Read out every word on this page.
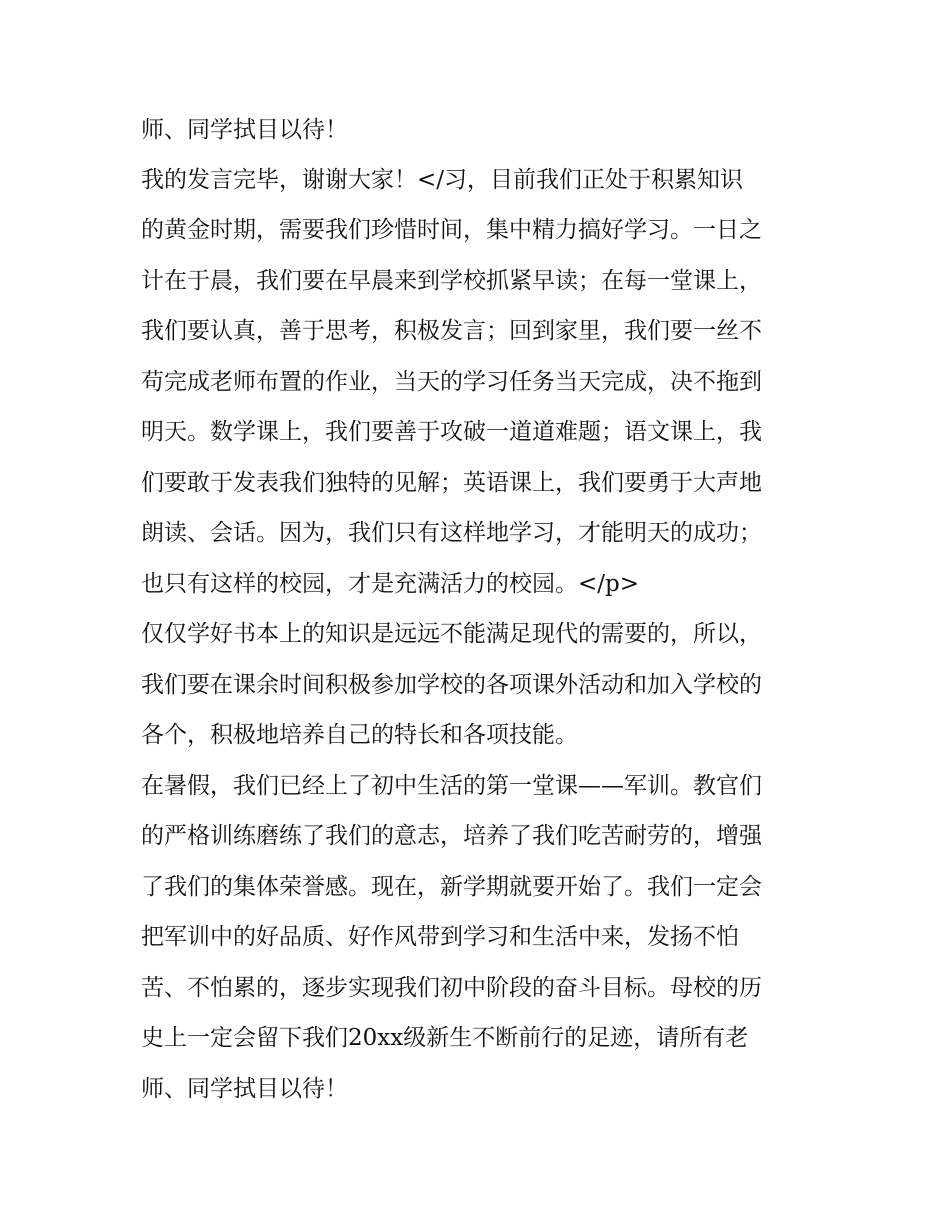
师、同学拭目以待！
我的发言完毕，谢谢大家！</习，目前我们正处于积累知识
的黄金时期，需要我们珍惜时间，集中精力搞好学习。一日之
计在于晨，我们要在早晨来到学校抓紧早读；在每一堂课上，
我们要认真，善于思考，积极发言；回到家里，我们要一丝不
苟完成老师布置的作业，当天的学习任务当天完成，决不拖到
明天。数学课上，我们要善于攻破一道道难题；语文课上，我
们要敢于发表我们独特的见解；英语课上，我们要勇于大声地
朗读、会话。因为，我们只有这样地学习，才能明天的成功；
也只有这样的校园，才是充满活力的校园。</p>
仅仅学好书本上的知识是远远不能满足现代的需要的，所以，
我们要在课余时间积极参加学校的各项课外活动和加入学校的
各个，积极地培养自己的特长和各项技能。
在暑假，我们已经上了初中生活的第一堂课——军训。教官们
的严格训练磨练了我们的意志，培养了我们吃苦耐劳的，增强
了我们的集体荣誉感。现在，新学期就要开始了。我们一定会
把军训中的好品质、好作风带到学习和生活中来，发扬不怕
苦、不怕累的，逐步实现我们初中阶段的奋斗目标。母校的历
史上一定会留下我们20xx级新生不断前行的足迹，请所有老
师、同学拭目以待！
